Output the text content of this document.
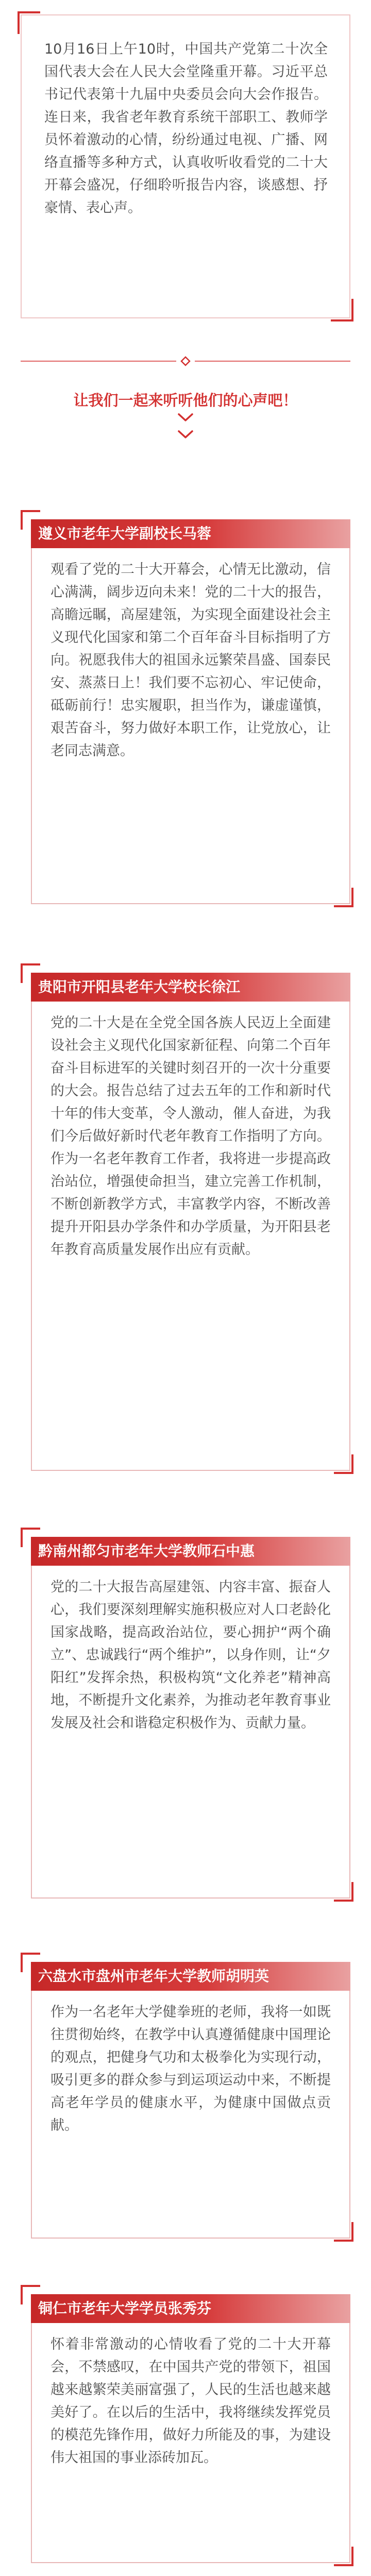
10月16日上午10时，中国共产党第二十次全国代表大会在人民大会堂隆重开幕。习近平总书记代表第十九届中央委员会向大会作报告。连日来，我省老年教育系统干部职工、教师学员怀着激动的心情，纷纷通过电视、广播、网络直播等多种方式，认真收听收看党的二十大开幕会盛况，仔细聆听报告内容，谈感想、抒豪情、表心声。

让我们一起来听听他们的心声吧！

遵义市老年大学副校长马蓉

观看了党的二十大开幕会，心情无比激动，信心满满，阔步迈向未来！党的二十大的报告，高瞻远瞩，高屋建瓴，为实现全面建设社会主义现代化国家和第二个百年奋斗目标指明了方向。祝愿我伟大的祖国永远繁荣昌盛、国泰民安、蒸蒸日上！我们要不忘初心、牢记使命，砥砺前行！忠实履职，担当作为，谦虚谨慎，艰苦奋斗，努力做好本职工作，让党放心，让老同志满意。

贵阳市开阳县老年大学校长徐江

党的二十大是在全党全国各族人民迈上全面建设社会主义现代化国家新征程、向第二个百年奋斗目标进军的关键时刻召开的一次十分重要的大会。报告总结了过去五年的工作和新时代十年的伟大变革，令人激动，催人奋进，为我们今后做好新时代老年教育工作指明了方向。作为一名老年教育工作者，我将进一步提高政治站位，增强使命担当，建立完善工作机制，不断创新教学方式，丰富教学内容，不断改善提升开阳县办学条件和办学质量，为开阳县老年教育高质量发展作出应有贡献。

黔南州都匀市老年大学教师石中惠

党的二十大报告高屋建瓴、内容丰富、振奋人心，我们要深刻理解实施积极应对人口老龄化国家战略，提高政治站位，要心拥护“两个确立”、忠诚践行“两个维护”，以身作则，让“夕阳红”发挥余热，积极构筑“文化养老”精神高地，不断提升文化素养，为推动老年教育事业发展及社会和谐稳定积极作为、贡献力量。

六盘水市盘州市老年大学教师胡明英

作为一名老年大学健拳班的老师，我将一如既往贯彻始终，在教学中认真遵循健康中国理论的观点，把健身气功和太极拳化为实现行动，吸引更多的群众参与到运项运动中来，不断提高老年学员的健康水平，为健康中国做点贡献。

铜仁市老年大学学员张秀芬

怀着非常激动的心情收看了党的二十大开幕会，不禁感叹，在中国共产党的带领下，祖国越来越繁荣美丽富强了，人民的生活也越来越美好了。在以后的生活中，我将继续发挥党员的模范先锋作用，做好力所能及的事，为建设伟大祖国的事业添砖加瓦。
